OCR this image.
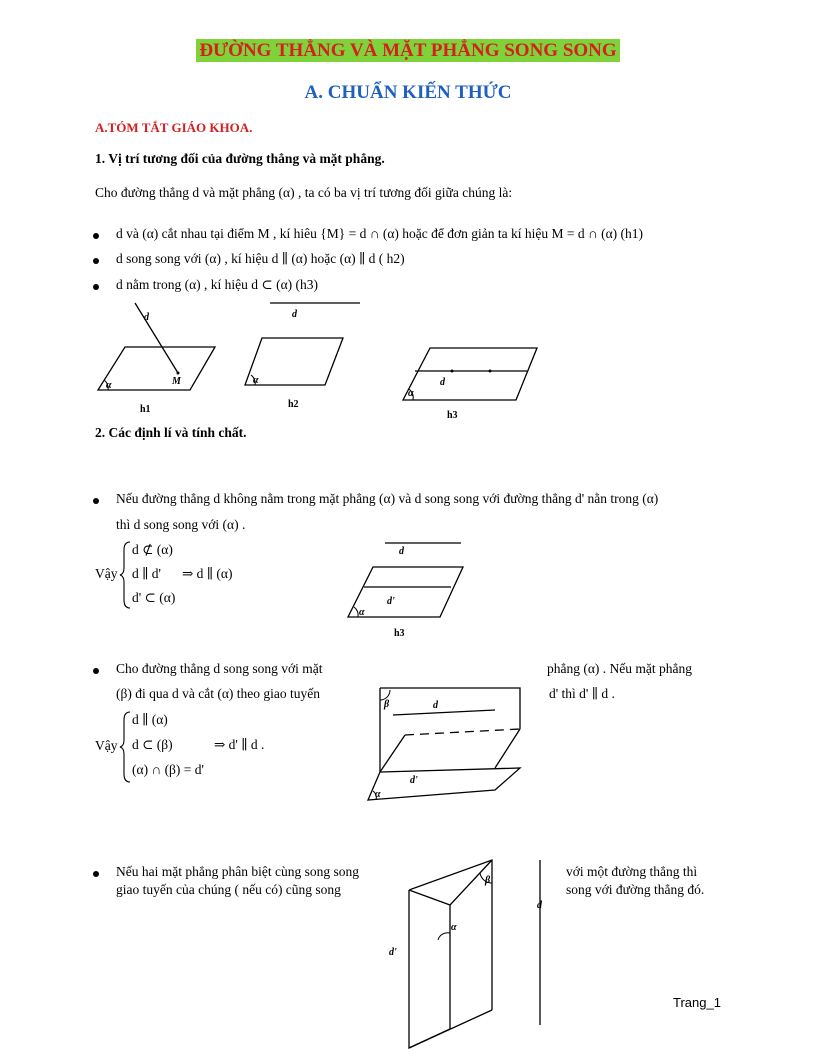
ĐƯỜNG THẲNG VÀ MẶT PHẲNG SONG SONG
A. CHUẨN KIẾN THỨC
A.TÓM TẮT GIÁO KHOA.
1. Vị trí tương đối của đường thẳng và mặt phẳng.
Cho đường thẳng d và mặt phẳng (α) , ta có ba vị trí tương đối giữa chúng là:
d và (α) cắt nhau tại điểm M , kí hiêu {M} = d ∩ (α) hoặc để đơn giản ta kí hiệu M = d ∩ (α) (h1)
d song song với (α) , kí hiệu d ∥ (α) hoặc (α) ∥ d ( h2)
d nằm trong (α) , kí hiệu d ⊂ (α) (h3)
d
M
α
h1
d
α
h2
d
α
h3
2. Các định lí và tính chất.
Nếu đường thẳng d không nằm trong mặt phẳng (α) và d song song với đường thẳng d' nằn trong (α)
thì d song song với (α) .
Vậy
d ⊄ (α)
d ∥ d'
d' ⊂ (α)
⇒ d ∥ (α)
d
d'
α
h3
Cho đường thẳng d song song với mặt	phẳng (α) . Nếu mặt phẳng
(β) đi qua d và cắt (α) theo giao tuyến	d' thì d' ∥ d .
Vậy
d ∥ (α)
d ⊂ (β)
(α) ∩ (β) = d'
⇒ d' ∥ d .
β	d
d'
α
Nếu hai mặt phẳng phân biệt cùng song song
giao tuyến của chúng ( nếu có) cũng song
với một đường thẳng thì
song với đường thẳng đó.
β
α
d
d'
Trang_1
